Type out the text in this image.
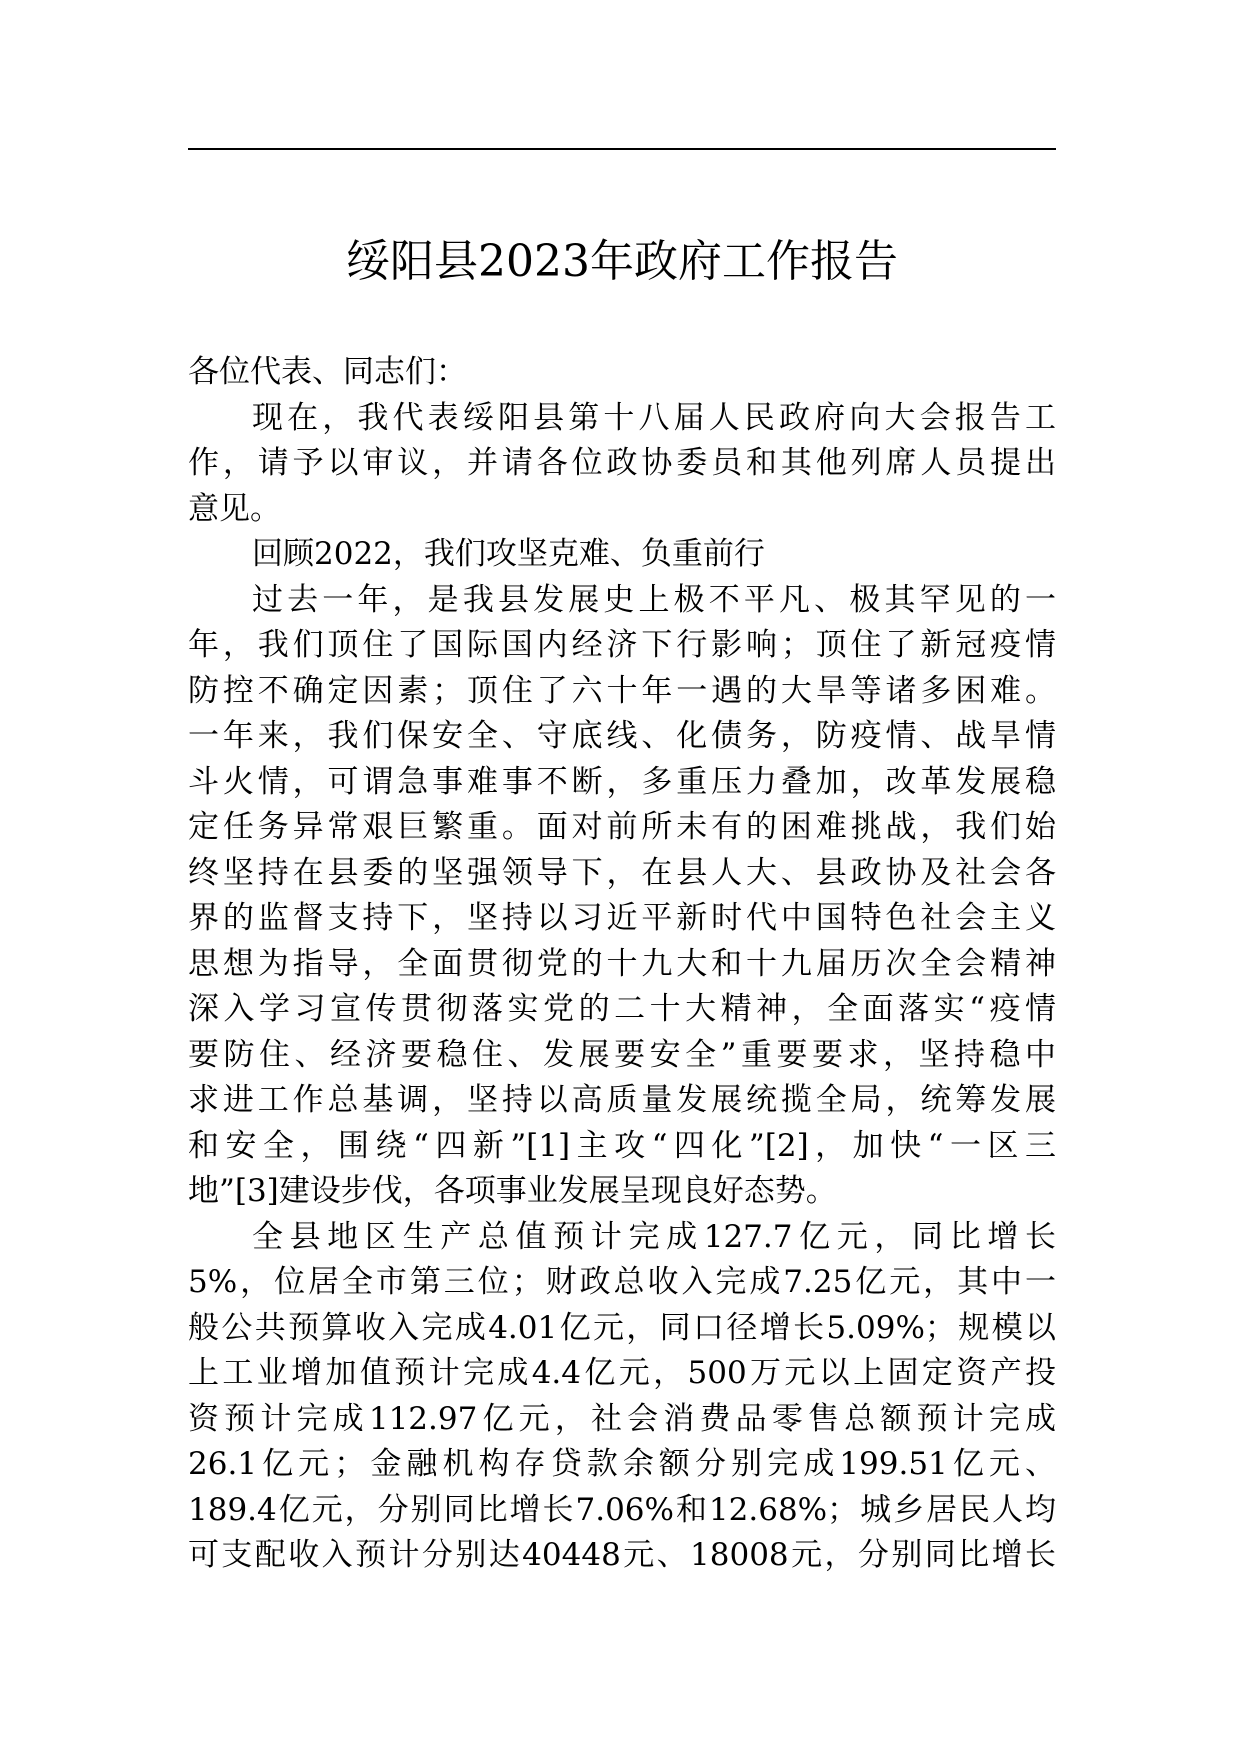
绥阳县2023年政府工作报告
各位代表、同志们：
现在，我代表绥阳县第十八届人民政府向大会报告工
作，请予以审议，并请各位政协委员和其他列席人员提出
意见。
回顾2022，我们攻坚克难、负重前行
过去一年，是我县发展史上极不平凡、极其罕见的一
年，我们顶住了国际国内经济下行影响；顶住了新冠疫情
防控不确定因素；顶住了六十年一遇的大旱等诸多困难。
一年来，我们保安全、守底线、化债务，防疫情、战旱情
斗火情，可谓急事难事不断，多重压力叠加，改革发展稳
定任务异常艰巨繁重。面对前所未有的困难挑战，我们始
终坚持在县委的坚强领导下，在县人大、县政协及社会各
界的监督支持下，坚持以习近平新时代中国特色社会主义
思想为指导，全面贯彻党的十九大和十九届历次全会精神
深入学习宣传贯彻落实党的二十大精神，全面落实“疫情
要防住、经济要稳住、发展要安全”重要要求，坚持稳中
求进工作总基调，坚持以高质量发展统揽全局，统筹发展
和安全，围绕“四新”[1]主攻“四化”[2]，加快“一区三
地”[3]建设步伐，各项事业发展呈现良好态势。
全县地区生产总值预计完成127.7亿元，同比增长
5%，位居全市第三位；财政总收入完成7.25亿元，其中一
般公共预算收入完成4.01亿元，同口径增长5.09%；规模以
上工业增加值预计完成4.4亿元，500万元以上固定资产投
资预计完成112.97亿元，社会消费品零售总额预计完成
26.1亿元；金融机构存贷款余额分别完成199.51亿元、
189.4亿元，分别同比增长7.06%和12.68%；城乡居民人均
可支配收入预计分别达40448元、18008元，分别同比增长
